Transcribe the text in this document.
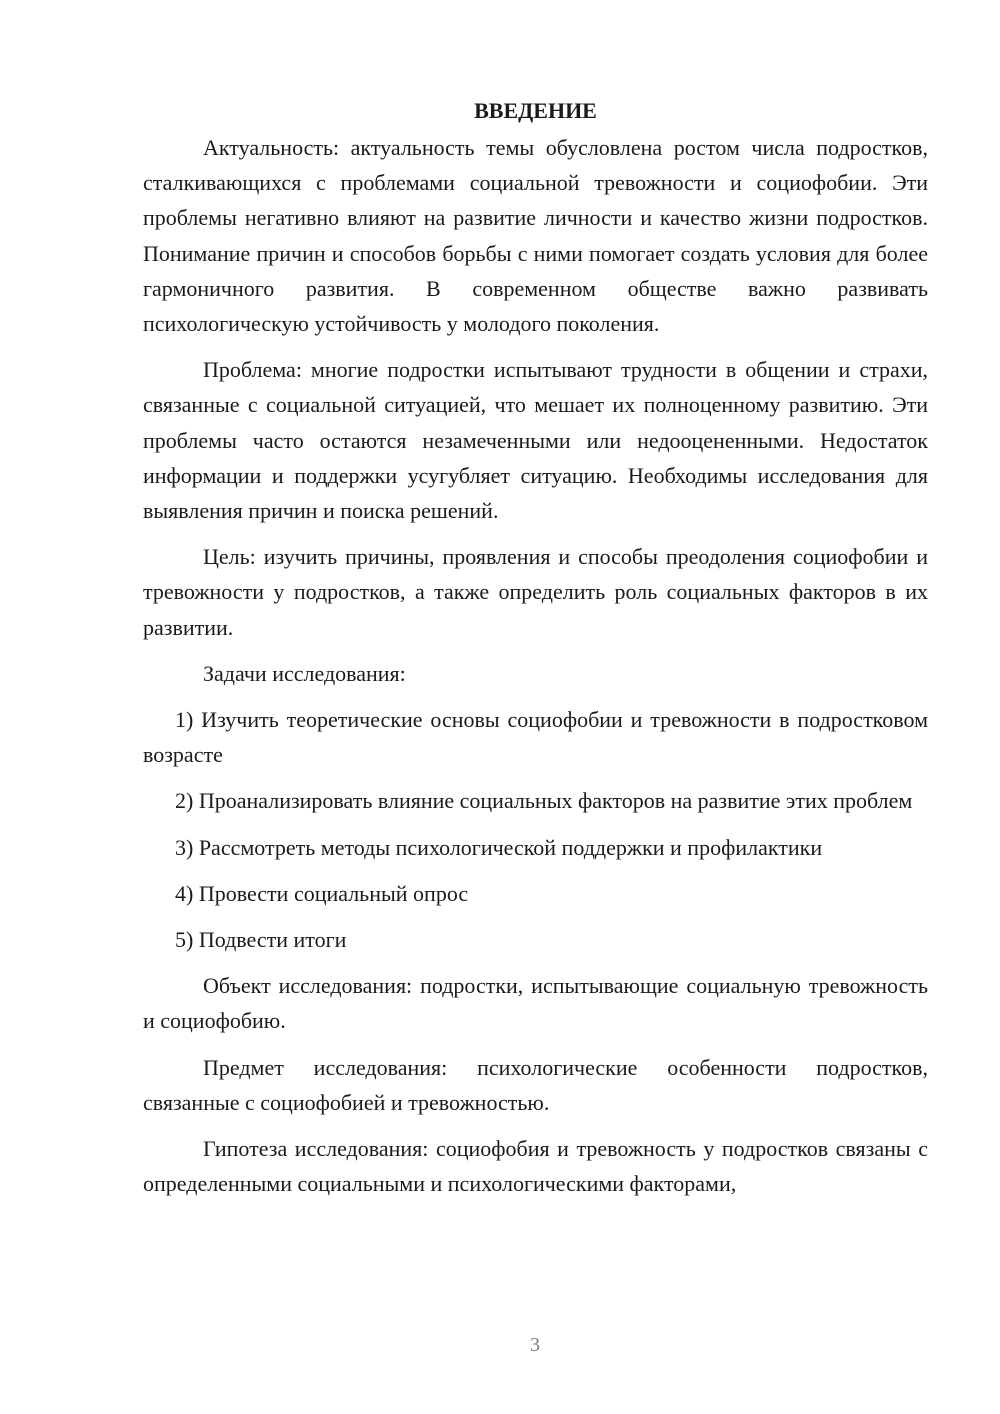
ВВЕДЕНИЕ

Актуальность: актуальность темы обусловлена ростом числа подростков, сталкивающихся с проблемами социальной тревожности и социофобии. Эти проблемы негативно влияют на развитие личности и качество жизни подростков. Понимание причин и способов борьбы с ними помогает создать условия для более гармоничного развития. В современном обществе важно развивать психологическую устойчивость у молодого поколения.

Проблема: многие подростки испытывают трудности в общении и страхи, связанные с социальной ситуацией, что мешает их полноценному развитию. Эти проблемы часто остаются незамеченными или недооцененными. Недостаток информации и поддержки усугубляет ситуацию. Необходимы исследования для выявления причин и поиска решений.

Цель: изучить причины, проявления и способы преодоления социофобии и тревожности у подростков, а также определить роль социальных факторов в их развитии.

Задачи исследования:

1) Изучить теоретические основы социофобии и тревожности в подростковом возрасте

2) Проанализировать влияние социальных факторов на развитие этих проблем

3) Рассмотреть методы психологической поддержки и профилактики

4) Провести социальный опрос

5) Подвести итоги

Объект исследования: подростки, испытывающие социальную тревожность и социофобию.

Предмет исследования: психологические особенности подростков, связанные с социофобией и тревожностью.

Гипотеза исследования: социофобия и тревожность у подростков связаны с определенными социальными и психологическими факторами,

3
